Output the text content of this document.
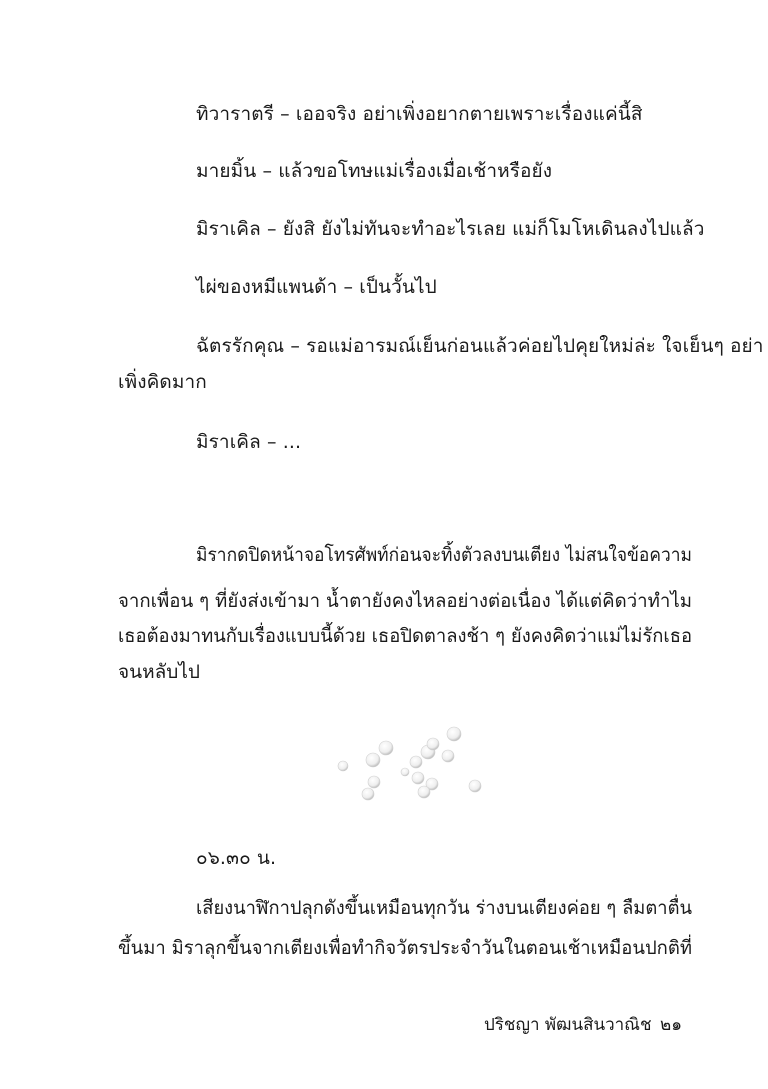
ทิวาราตรี – เออจริง อย่าเพิ่งอยากตายเพราะเรื่องแค่นี้สิ
มายมิ้น – แล้วขอโทษแม่เรื่องเมื่อเช้าหรือยัง
มิราเคิล – ยังสิ ยังไม่ทันจะทำอะไรเลย แม่ก็โมโหเดินลงไปแล้ว
ไผ่ของหมีแพนด้า – เป็นวั้นไป
ฉัตรรักคุณ – รอแม่อารมณ์เย็นก่อนแล้วค่อยไปคุยใหม่ล่ะ ใจเย็นๆ อย่า
เพิ่งคิดมาก
มิราเคิล – ...
มิรากดปิดหน้าจอโทรศัพท์ก่อนจะทิ้งตัวลงบนเตียง ไม่สนใจข้อความ
จากเพื่อน ๆ ที่ยังส่งเข้ามา น้ำตายังคงไหลอย่างต่อเนื่อง ได้แต่คิดว่าทำไม
เธอต้องมาทนกับเรื่องแบบนี้ด้วย เธอปิดตาลงช้า ๆ ยังคงคิดว่าแม่ไม่รักเธอ
จนหลับไป
๐๖.๓๐ น.
เสียงนาฬิกาปลุกดังขึ้นเหมือนทุกวัน ร่างบนเตียงค่อย ๆ ลืมตาตื่น
ขึ้นมา มิราลุกขึ้นจากเตียงเพื่อทำกิจวัตรประจำวันในตอนเช้าเหมือนปกติที่
ปริชญา พัฒนสินวาณิช ๒๑
